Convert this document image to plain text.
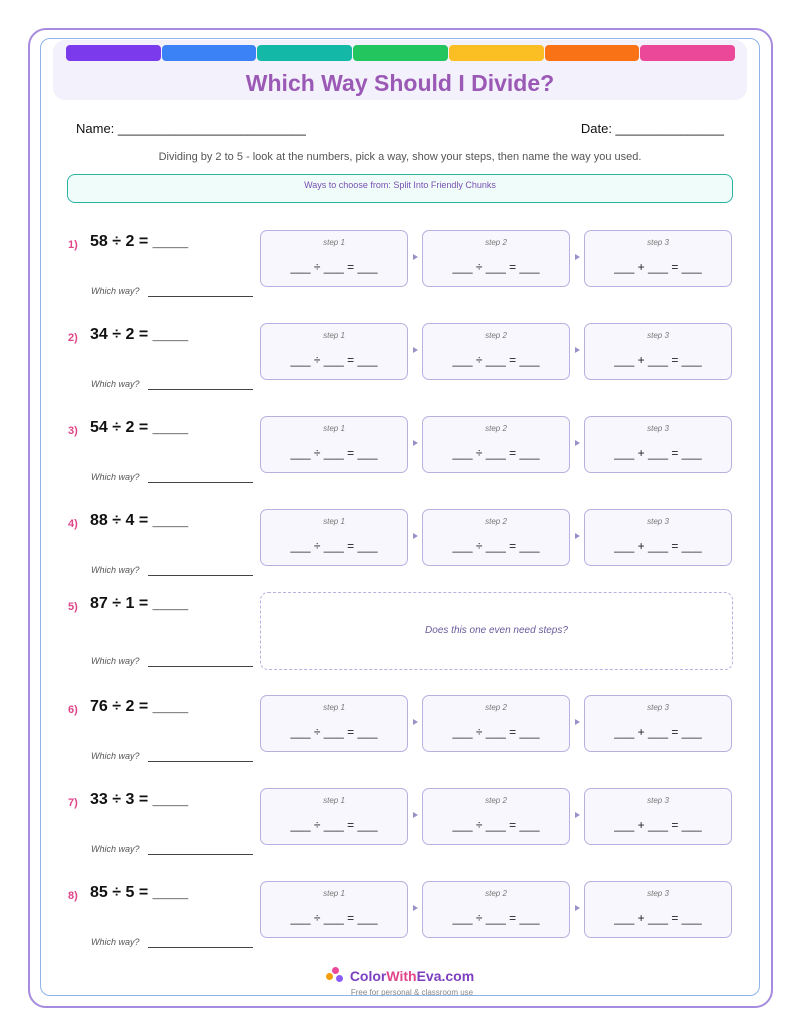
Which Way Should I Divide?
Name: __________________________	Date: _______________
Dividing by 2 to 5 - look at the numbers, pick a way, show your steps, then name the way you used.
Ways to choose from: Split Into Friendly Chunks
1) 58 ÷ 2 = ____
Which way?
step 1
___ ÷ ___ = ___
step 2
___ ÷ ___ = ___
step 3
___ + ___ = ___
2) 34 ÷ 2 = ____
Which way?
step 1
___ ÷ ___ = ___
step 2
___ ÷ ___ = ___
step 3
___ + ___ = ___
3) 54 ÷ 2 = ____
Which way?
step 1
___ ÷ ___ = ___
step 2
___ ÷ ___ = ___
step 3
___ + ___ = ___
4) 88 ÷ 4 = ____
Which way?
step 1
___ ÷ ___ = ___
step 2
___ ÷ ___ = ___
step 3
___ + ___ = ___
5) 87 ÷ 1 = ____
Which way?
Does this one even need steps?
6) 76 ÷ 2 = ____
Which way?
step 1
___ ÷ ___ = ___
step 2
___ ÷ ___ = ___
step 3
___ + ___ = ___
7) 33 ÷ 3 = ____
Which way?
step 1
___ ÷ ___ = ___
step 2
___ ÷ ___ = ___
step 3
___ + ___ = ___
8) 85 ÷ 5 = ____
Which way?
step 1
___ ÷ ___ = ___
step 2
___ ÷ ___ = ___
step 3
___ + ___ = ___
ColorWithEva.com
Free for personal & classroom use
